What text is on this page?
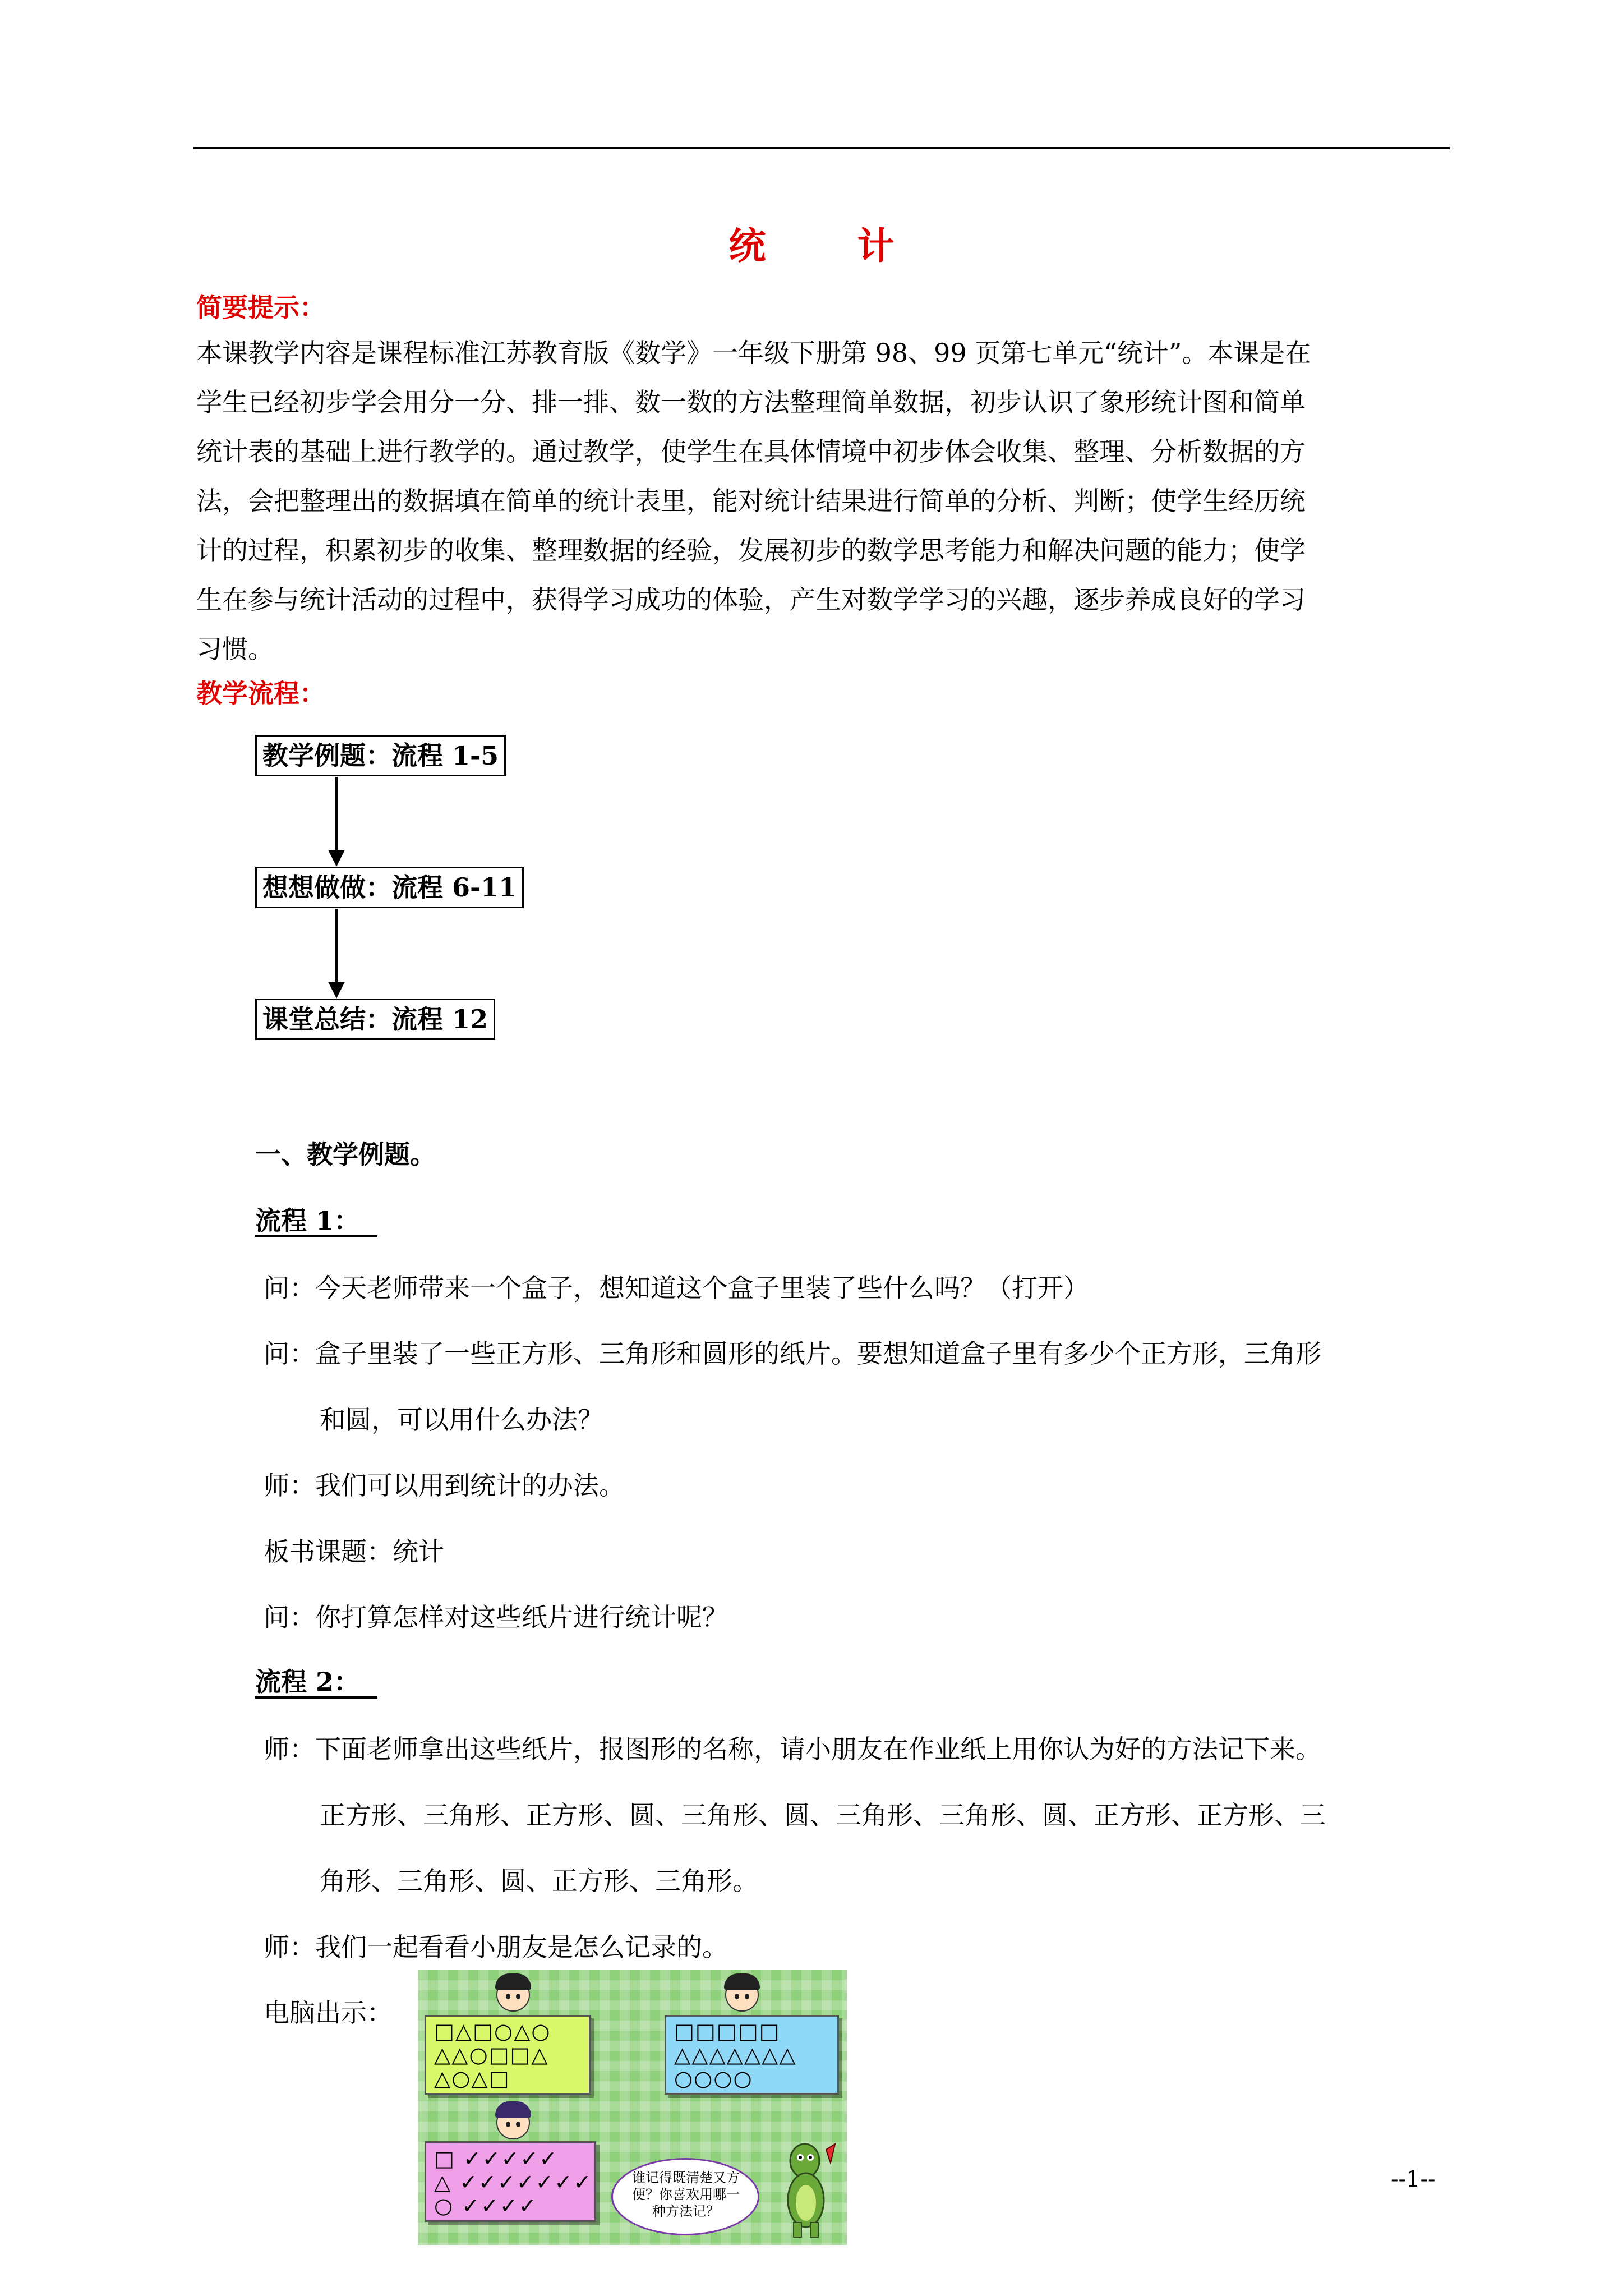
统 计
简要提示：

本课教学内容是课程标准江苏教育版《数学》一年级下册第 98、99 页第七单元“统计”。本课是在

学生已经初步学会用分一分、排一排、数一数的方法整理简单数据，初步认识了象形统计图和简单

统计表的基础上进行教学的。通过教学，使学生在具体情境中初步体会收集、整理、分析数据的方

法，会把整理出的数据填在简单的统计表里，能对统计结果进行简单的分析、判断；使学生经历统

计的过程，积累初步的收集、整理数据的经验，发展初步的数学思考能力和解决问题的能力；使学

生在参与统计活动的过程中，获得学习成功的体验，产生对数学学习的兴趣，逐步养成良好的学习

习惯。

教学流程：
教学例题：流程 1-5
想想做做：流程 6-11
课堂总结：流程 12
一、教学例题。
流程 1：
问：今天老师带来一个盒子，想知道这个盒子里装了些什么吗？（打开）
问：盒子里装了一些正方形、三角形和圆形的纸片。要想知道盒子里有多少个正方形，三角形
和圆，可以用什么办法？
师：我们可以用到统计的办法。
板书课题：统计
问：你打算怎样对这些纸片进行统计呢？
流程 2：
师：下面老师拿出这些纸片，报图形的名称，请小朋友在作业纸上用你认为好的方法记下来。
正方形、三角形、正方形、圆、三角形、圆、三角形、三角形、圆、正方形、正方形、三
角形、三角形、圆、正方形、三角形。
师：我们一起看看小朋友是怎么记录的。
电脑出示：
□△□○△○
△△○□□△
△○△□
□□□□□
△△△△△△△
○○○○
□ ✓✓✓✓✓
△ ✓✓✓✓✓✓✓
○ ✓✓✓✓
谁记得既清楚又方便？你喜欢用哪一种方法记？
--1--
